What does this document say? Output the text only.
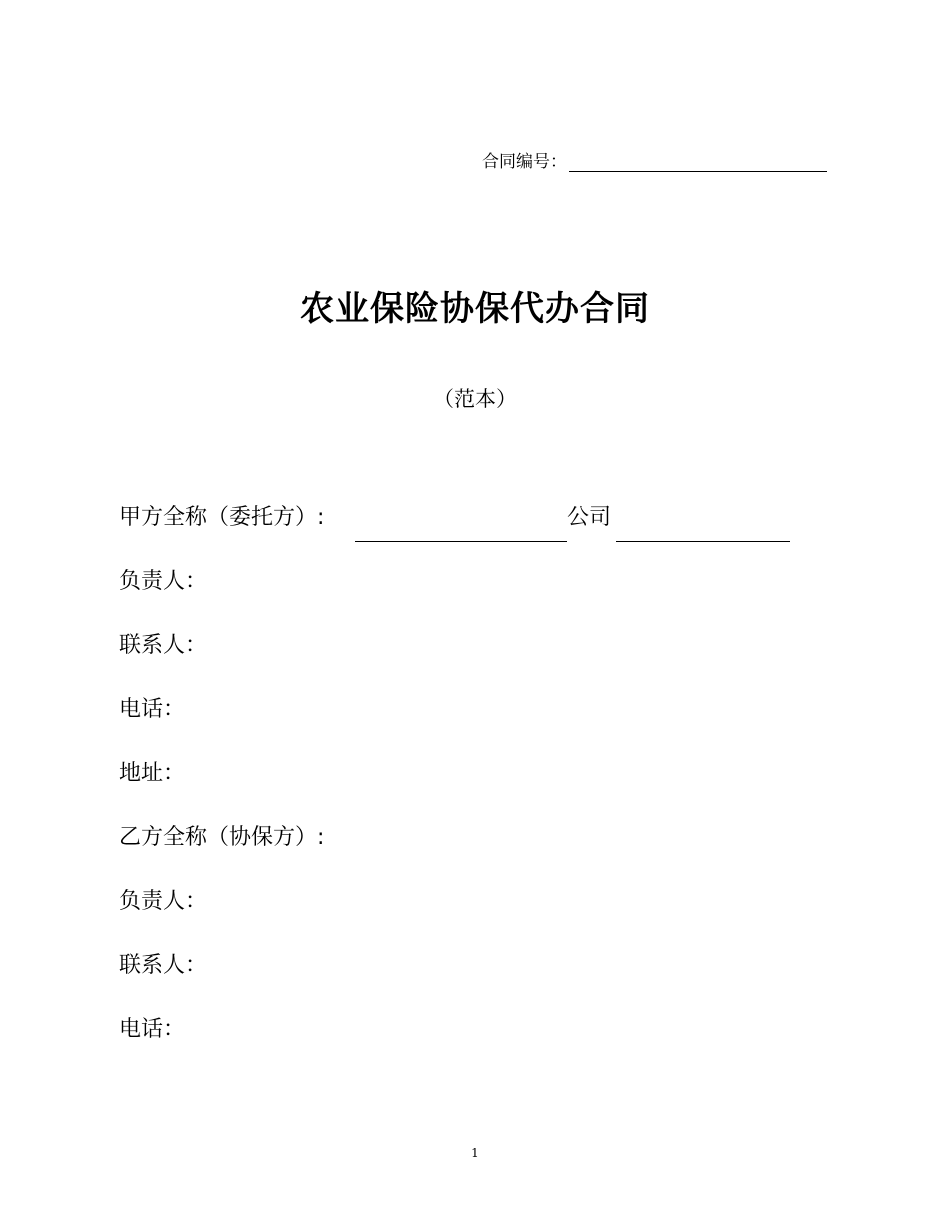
合同编号：
农业保险协保代办合同
（范本）
甲方全称（委托方）:	公司
负责人：
联系人：
电话：
地址：
乙方全称（协保方）:
负责人：
联系人：
电话：
1
